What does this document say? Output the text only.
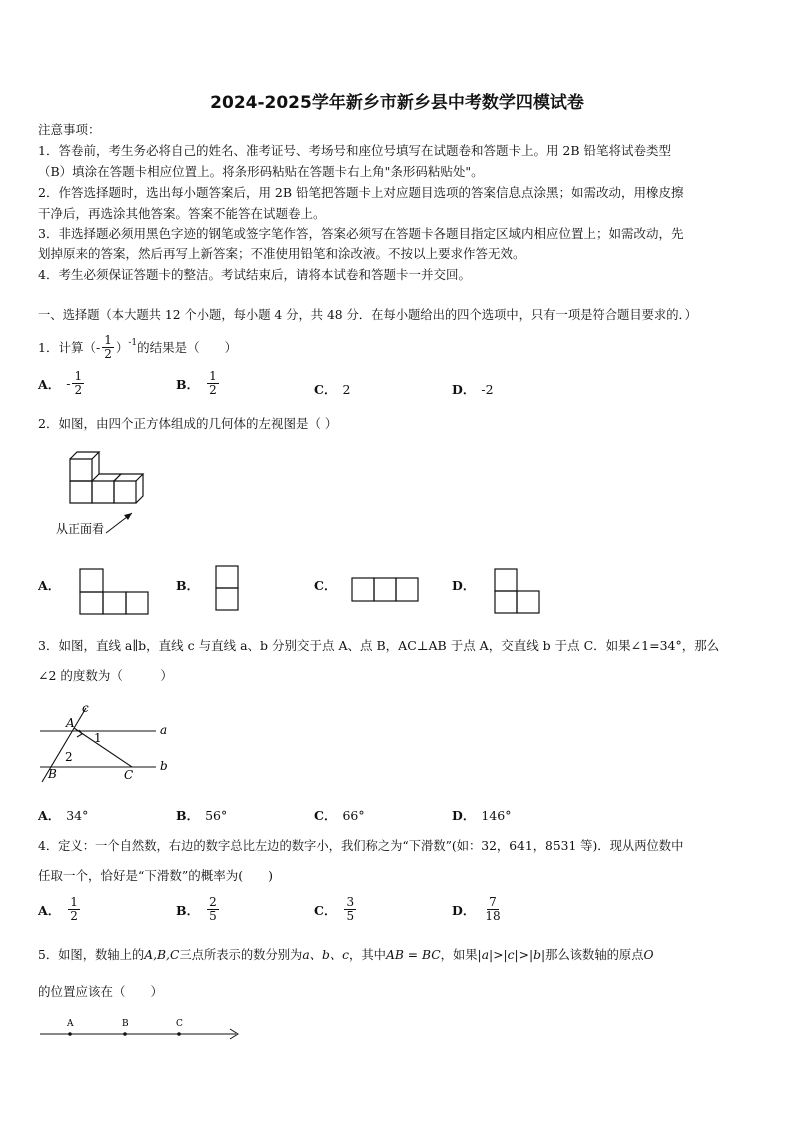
2024-2025学年新乡市新乡县中考数学四模试卷
注意事项：
1．答卷前，考生务必将自己的姓名、准考证号、考场号和座位号填写在试题卷和答题卡上。用 2B 铅笔将试卷类型
（B）填涂在答题卡相应位置上。将条形码粘贴在答题卡右上角"条形码粘贴处"。
2．作答选择题时，选出每小题答案后，用 2B 铅笔把答题卡上对应题目选项的答案信息点涂黑；如需改动，用橡皮擦
干净后，再选涂其他答案。答案不能答在试题卷上。
3．非选择题必须用黑色字迹的钢笔或签字笔作答，答案必须写在答题卡各题目指定区域内相应位置上；如需改动，先
划掉原来的答案，然后再写上新答案；不准使用铅笔和涂改液。不按以上要求作答无效。
4．考生必须保证答题卡的整洁。考试结束后，请将本试卷和答题卡一并交回。
一、选择题（本大题共 12 个小题，每小题 4 分，共 48 分．在每小题给出的四个选项中，只有一项是符合题目要求的．）
1．计算（- $\frac{1}{2} )^{-1}$ 的结果是（　　）
A． - $\frac{1}{2}$	B． $\frac{1}{2}$	C． 2	D． -2
2．如图，由四个正方体组成的几何体的左视图是（ ）
从正面看
A．	B．	C．	D．
3．如图，直线 a∥b，直线 c 与直线 a、b 分别交于点 A、点 B，AC⊥AB 于点 A，交直线 b 于点 C．如果∠1=34°，那么
∠2 的度数为（　　　）
c
A	a
1
2
B	C
b
A． 34°	B． 56°	C． 66°	D． 146°
4．定义：一个自然数，右边的数字总比左边的数字小，我们称之为“下滑数”(如：32，641，8531 等)．现从两位数中
任取一个，恰好是“下滑数”的概率为(　　)
A． $\frac{1}{2}$	B． $\frac{2}{5}$	C． $\frac{3}{5}$	D． $\frac{7}{18}$
5．如图，数轴上的A,B,C三点所表示的数分别为a、b、c，其中AB = BC，如果|a|>|c|>|b|那么该数轴的原点O
的位置应该在（　　）
A	B	C
